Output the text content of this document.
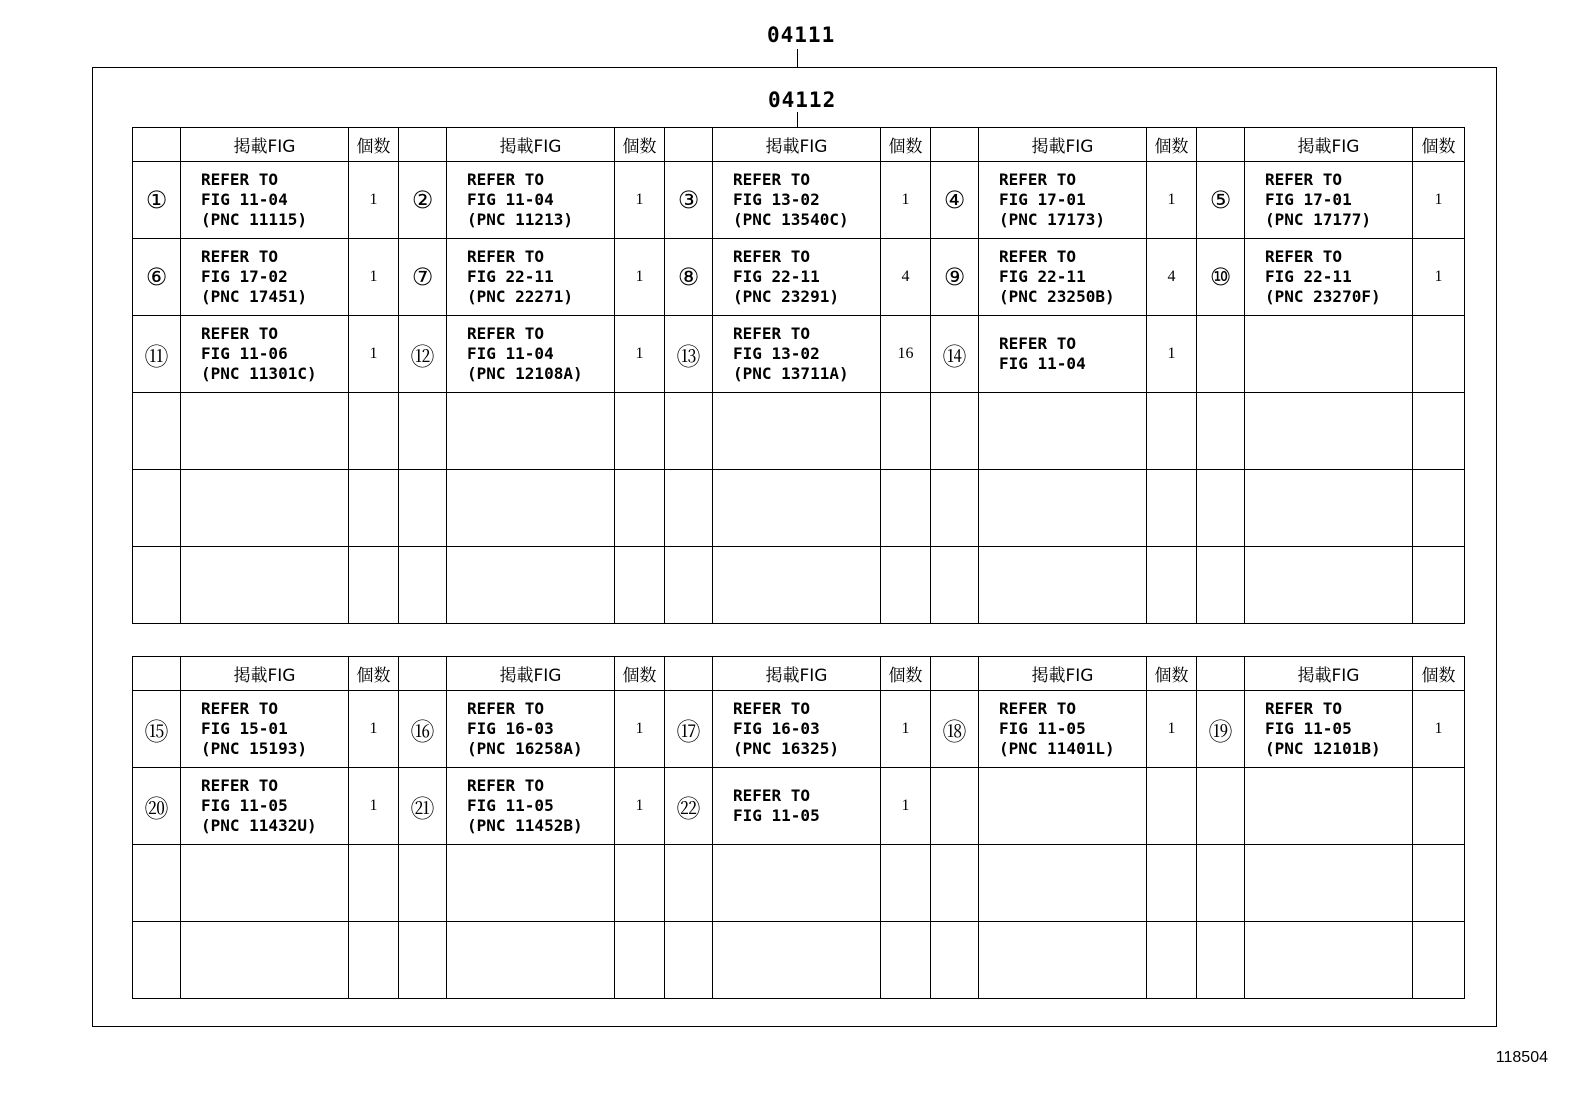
04111
04112
	掲載FIG	個数		掲載FIG	個数		掲載FIG	個数		掲載FIG	個数		掲載FIG	個数
①	REFER TO
FIG 11-04
(PNC 11115)	1	②	REFER TO
FIG 11-04
(PNC 11213)	1	③	REFER TO
FIG 13-02
(PNC 13540C)	1	④	REFER TO
FIG 17-01
(PNC 17173)	1	⑤	REFER TO
FIG 17-01
(PNC 17177)	1
⑥	REFER TO
FIG 17-02
(PNC 17451)	1	⑦	REFER TO
FIG 22-11
(PNC 22271)	1	⑧	REFER TO
FIG 22-11
(PNC 23291)	4	⑨	REFER TO
FIG 22-11
(PNC 23250B)	4	⑩	REFER TO
FIG 22-11
(PNC 23270F)	1
⑪	REFER TO
FIG 11-06
(PNC 11301C)	1	⑫	REFER TO
FIG 11-04
(PNC 12108A)	1	⑬	REFER TO
FIG 13-02
(PNC 13711A)	16	⑭	REFER TO
FIG 11-04	1			

	掲載FIG	個数		掲載FIG	個数		掲載FIG	個数		掲載FIG	個数		掲載FIG	個数
⑮	REFER TO
FIG 15-01
(PNC 15193)	1	⑯	REFER TO
FIG 16-03
(PNC 16258A)	1	⑰	REFER TO
FIG 16-03
(PNC 16325)	1	⑱	REFER TO
FIG 11-05
(PNC 11401L)	1	⑲	REFER TO
FIG 11-05
(PNC 12101B)	1
⑳	REFER TO
FIG 11-05
(PNC 11432U)	1	㉑	REFER TO
FIG 11-05
(PNC 11452B)	1	㉒	REFER TO
FIG 11-05	1						

118504
